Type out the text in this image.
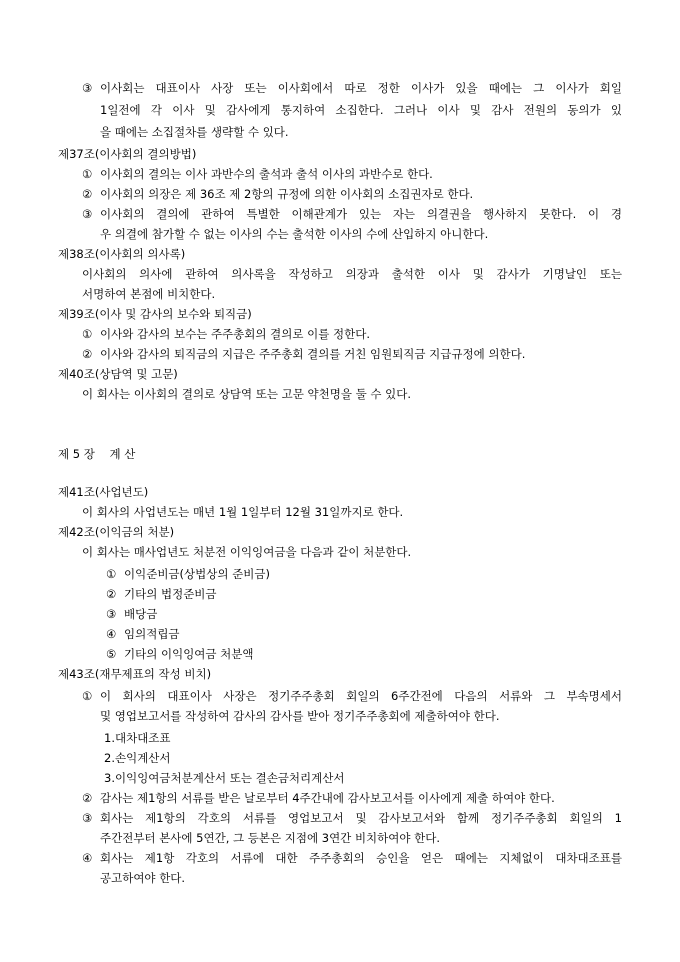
③ 이사회는 대표이사 사장 또는 이사회에서 따로 정한 이사가 있을 때에는 그 이사가 회일
1일전에 각 이사 및 감사에게 통지하여 소집한다. 그러나 이사 및 감사 전원의 동의가 있
을 때에는 소집절차를 생략할 수 있다.
제37조(이사회의 결의방법)
① 이사회의 결의는 이사 과반수의 출석과 출석 이사의 과반수로 한다.
② 이사회의 의장은 제 36조 제 2항의 규정에 의한 이사회의 소집권자로 한다.
③ 이사회의 결의에 관하여 특별한 이해관계가 있는 자는 의결권을 행사하지 못한다. 이 경
우 의결에 참가할 수 없는 이사의 수는 출석한 이사의 수에 산입하지 아니한다.
제38조(이사회의 의사록)
이사회의 의사에 관하여 의사록을 작성하고 의장과 출석한 이사 및 감사가 기명날인 또는
서명하여 본점에 비치한다.
제39조(이사 및 감사의 보수와 퇴직금)
① 이사와 감사의 보수는 주주총회의 결의로 이를 정한다.
② 이사와 감사의 퇴직금의 지급은 주주총회 결의를 거친 임원퇴직금 지급규정에 의한다.
제40조(상담역 및 고문)
이 회사는 이사회의 결의로 상담역 또는 고문 약천명을 둘 수 있다.
제 5 장    계 산
제41조(사업년도)
이 회사의 사업년도는 매년 1월 1일부터 12월 31일까지로 한다.
제42조(이익금의 처분)
이 회사는 매사업년도 처분전 이익잉여금을 다음과 같이 처분한다.
① 이익준비금(상법상의 준비금)
② 기타의 법정준비금
③ 배당금
④ 임의적립금
⑤ 기타의 이익잉여금 처분액
제43조(재무제표의 작성 비치)
① 이 회사의 대표이사 사장은 정기주주총회 회일의 6주간전에 다음의 서류와 그 부속명세서
및 영업보고서를 작성하여 감사의 감사를 받아 정기주주총회에 제출하여야 한다.
1.대차대조표
2.손익계산서
3.이익잉여금처분계산서 또는 결손금처리계산서
② 감사는 제1항의 서류를 받은 날로부터 4주간내에 감사보고서를 이사에게 제출 하여야 한다.
③ 회사는 제1항의 각호의 서류를 영업보고서 및 감사보고서와 함께 정기주주총회 회일의 1
주간전부터 본사에 5연간, 그 등본은 지점에 3연간 비치하여야 한다.
④ 회사는 제1항 각호의 서류에 대한 주주총회의 승인을 얻은 때에는 지체없이 대차대조표를
공고하여야 한다.
